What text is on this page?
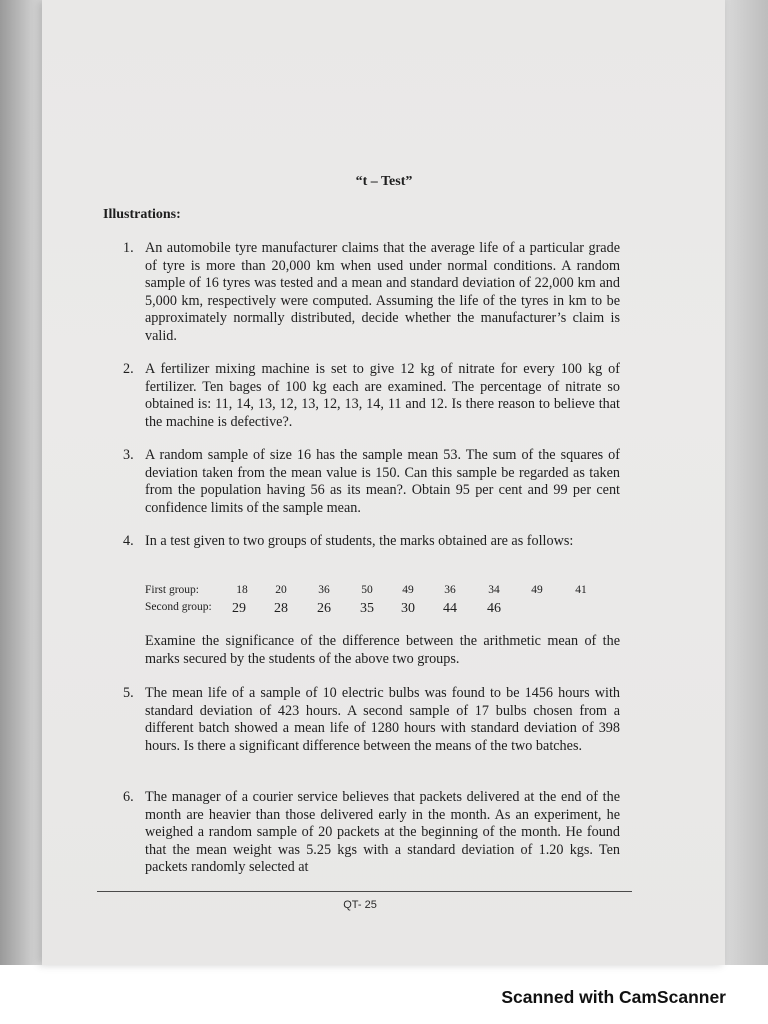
“t – Test”
Illustrations:
1. An automobile tyre manufacturer claims that the average life of a particular grade of tyre is more than 20,000 km when used under normal conditions. A random sample of 16 tyres was tested and a mean and standard deviation of 22,000 km and 5,000 km, respectively were computed. Assuming the life of the tyres in km to be approximately normally distributed, decide whether the manufacturer’s claim is valid.
2. A fertilizer mixing machine is set to give 12 kg of nitrate for every 100 kg of fertilizer. Ten bages of 100 kg each are examined. The percentage of nitrate so obtained is: 11, 14, 13, 12, 13, 12, 13, 14, 11 and 12. Is there reason to believe that the machine is defective?.
3. A random sample of size 16 has the sample mean 53. The sum of the squares of deviation taken from the mean value is 150. Can this sample be regarded as taken from the population having 56 as its mean?. Obtain 95 per cent and 99 per cent confidence limits of the sample mean.
4. In a test given to two groups of students, the marks obtained are as follows:
First group:	18	20	36	50	49	36	34	49	41
Second group:	29	28	26	35	30	44	46
Examine the significance of the difference between the arithmetic mean of the marks secured by the students of the above two groups.
5. The mean life of a sample of 10 electric bulbs was found to be 1456 hours with standard deviation of 423 hours. A second sample of 17 bulbs chosen from a different batch showed a mean life of 1280 hours with standard deviation of 398 hours. Is there a significant difference between the means of the two batches.
6. The manager of a courier service believes that packets delivered at the end of the month are heavier than those delivered early in the month. As an experiment, he weighed a random sample of 20 packets at the beginning of the month. He found that the mean weight was 5.25 kgs with a standard deviation of 1.20 kgs. Ten packets randomly selected at
QT- 25
Scanned with CamScanner
